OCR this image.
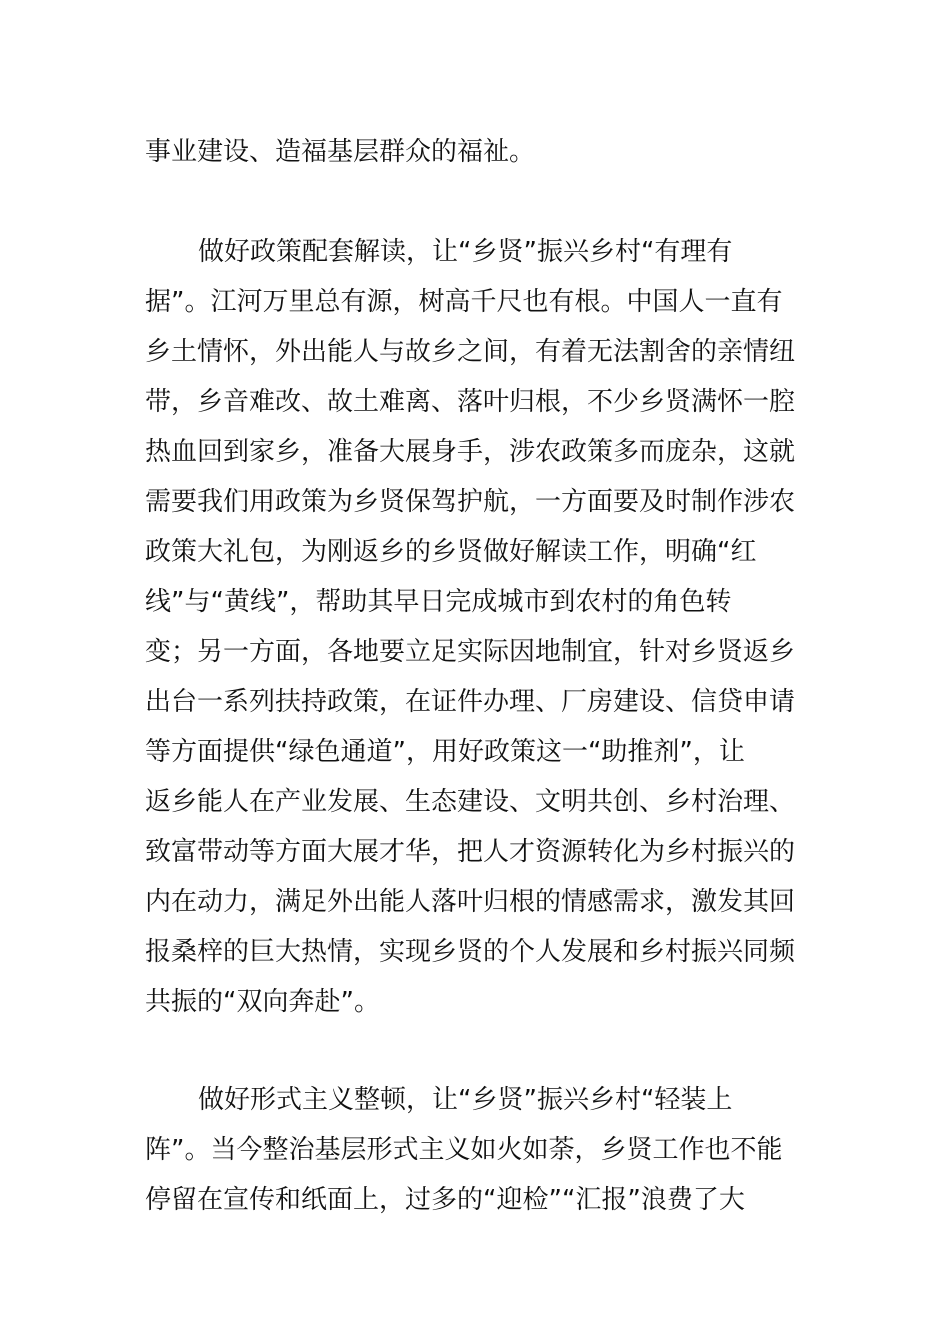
事业建设、造福基层群众的福祉。
做好政策配套解读，让“乡贤”振兴乡村“有理有
据”。江河万里总有源，树高千尺也有根。中国人一直有
乡土情怀，外出能人与故乡之间，有着无法割舍的亲情纽
带，乡音难改、故土难离、落叶归根，不少乡贤满怀一腔
热血回到家乡，准备大展身手，涉农政策多而庞杂，这就
需要我们用政策为乡贤保驾护航，一方面要及时制作涉农
政策大礼包，为刚返乡的乡贤做好解读工作，明确“红
线”与“黄线”，帮助其早日完成城市到农村的角色转
变；另一方面，各地要立足实际因地制宜，针对乡贤返乡
出台一系列扶持政策，在证件办理、厂房建设、信贷申请
等方面提供“绿色通道”，用好政策这一“助推剂”，让
返乡能人在产业发展、生态建设、文明共创、乡村治理、
致富带动等方面大展才华，把人才资源转化为乡村振兴的
内在动力，满足外出能人落叶归根的情感需求，激发其回
报桑梓的巨大热情，实现乡贤的个人发展和乡村振兴同频
共振的“双向奔赴”。
做好形式主义整顿，让“乡贤”振兴乡村“轻装上
阵”。当今整治基层形式主义如火如荼，乡贤工作也不能
停留在宣传和纸面上，过多的“迎检”“汇报”浪费了大
